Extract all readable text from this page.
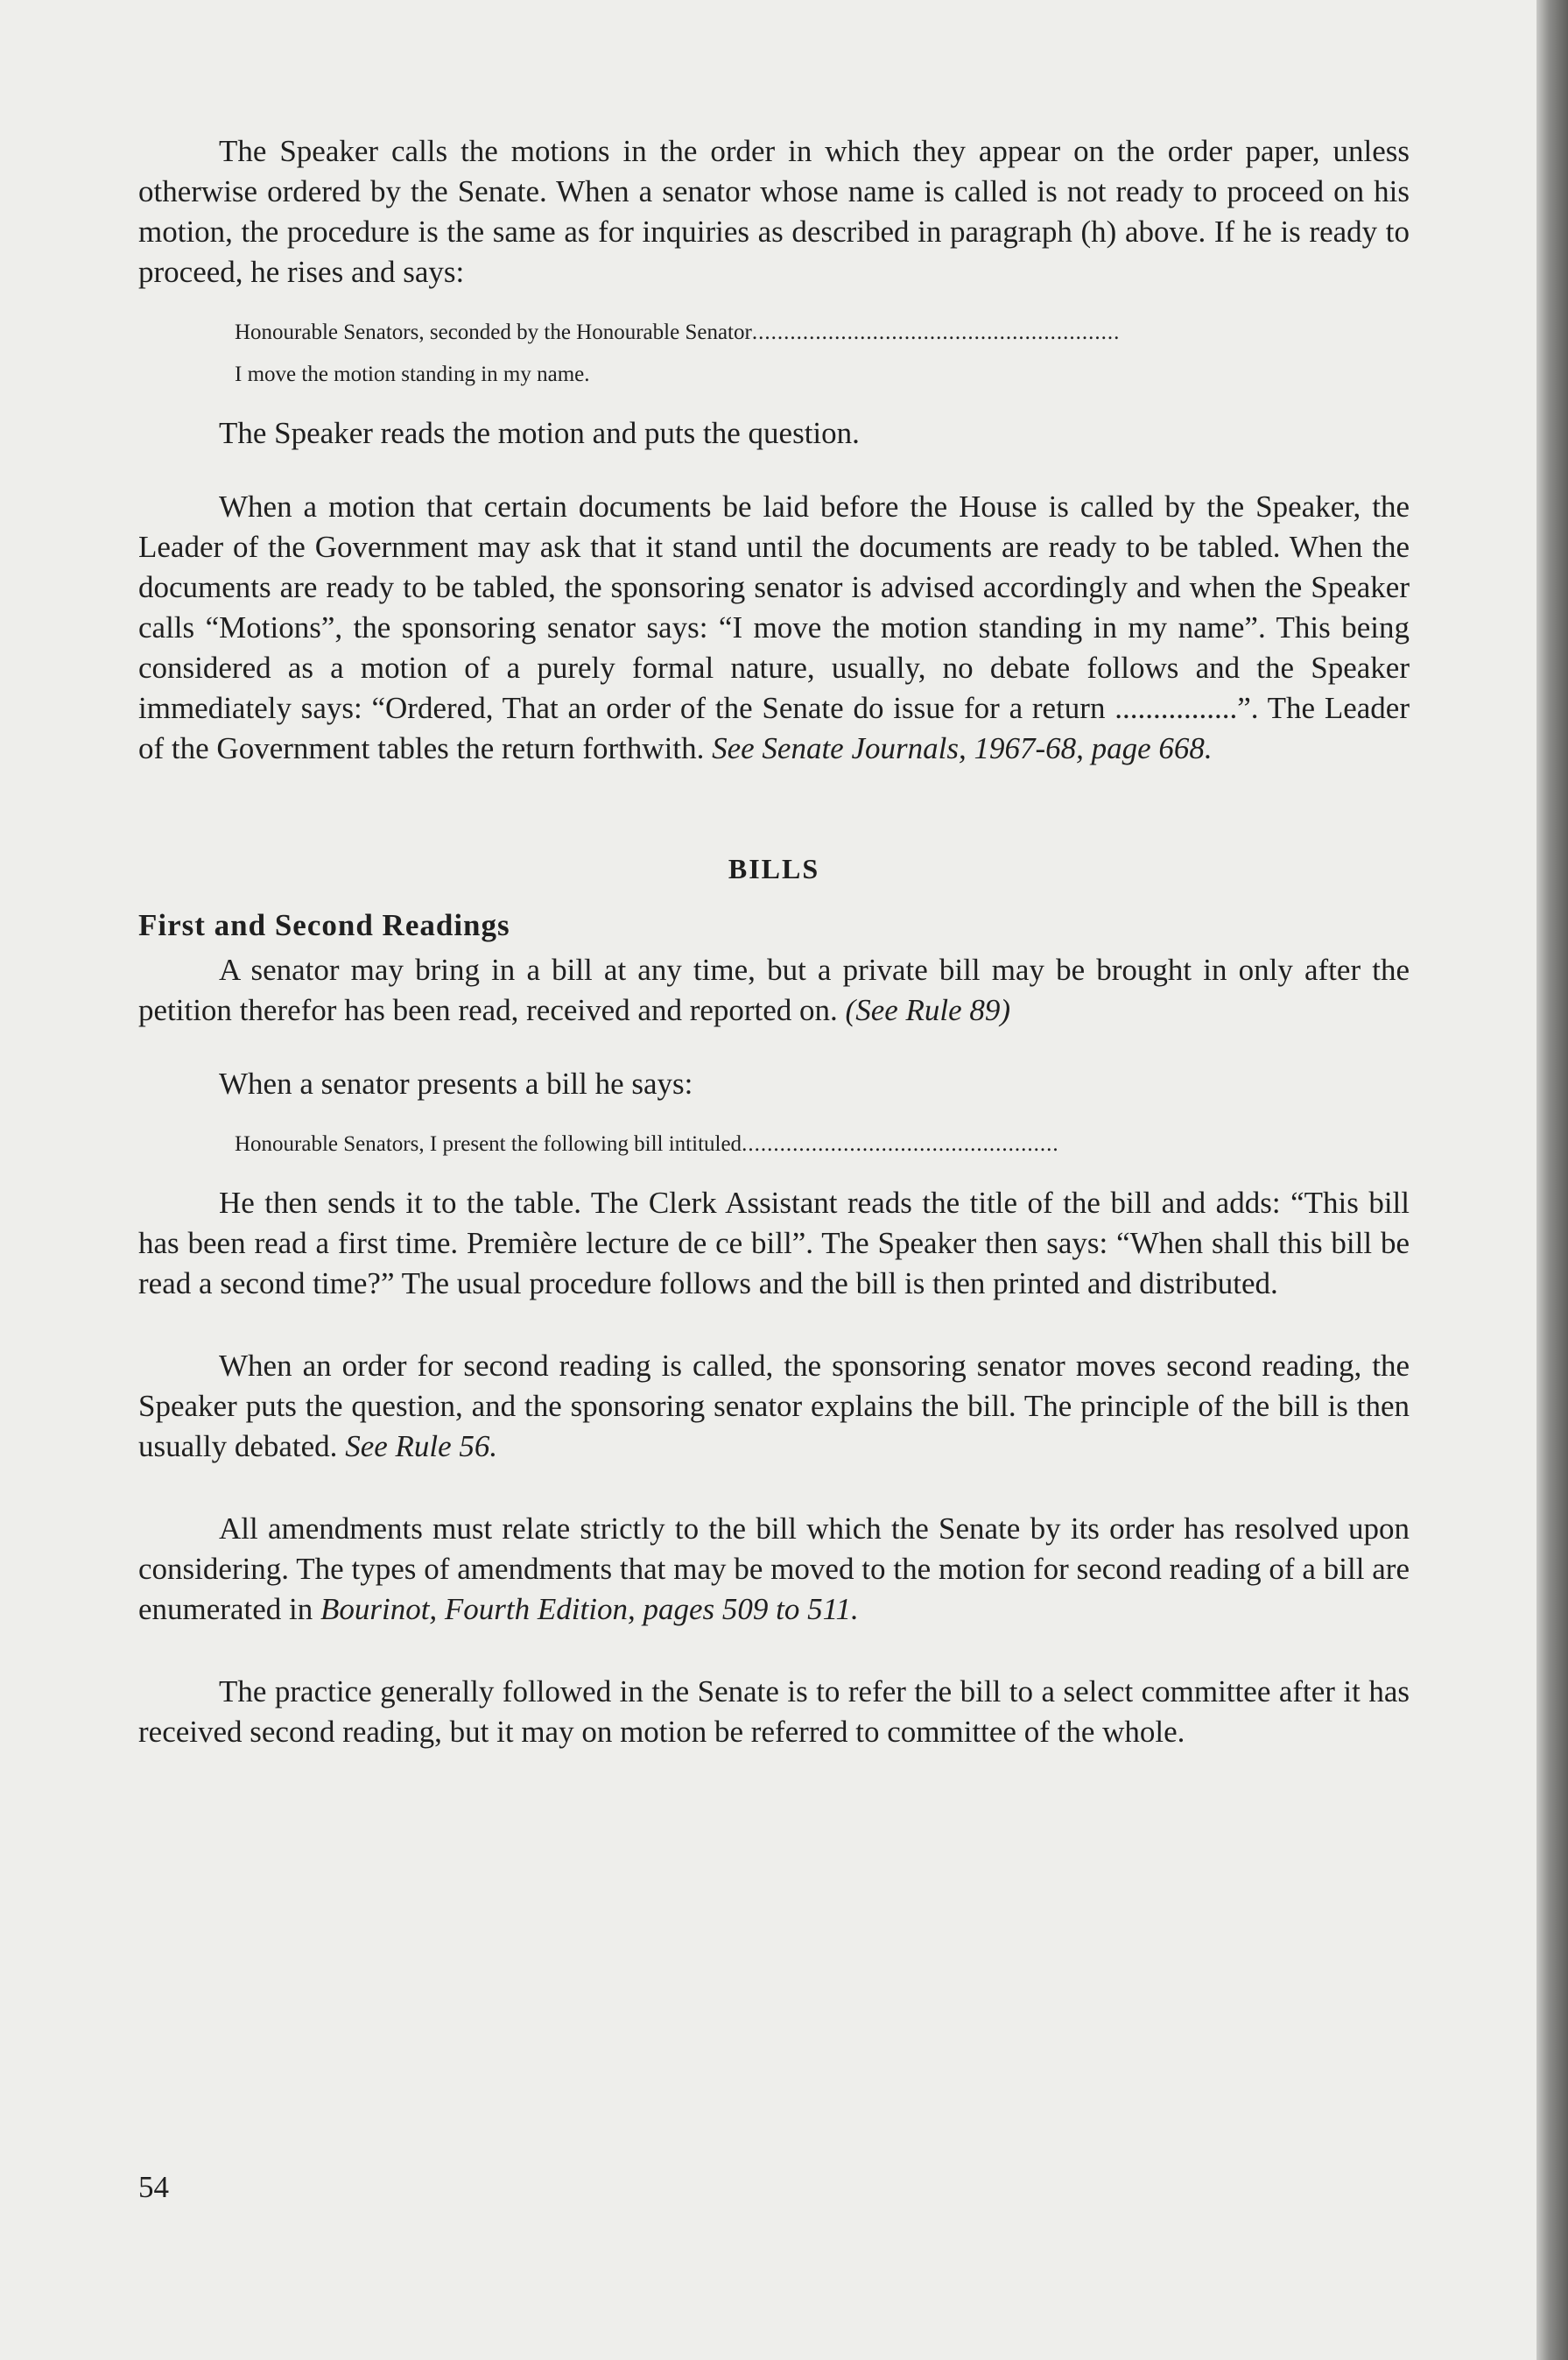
The Speaker calls the motions in the order in which they appear on the order paper, unless otherwise ordered by the Senate. When a senator whose name is called is not ready to proceed on his motion, the procedure is the same as for inquiries as described in paragraph (h) above. If he is ready to proceed, he rises and says:

Honourable Senators, seconded by the Honourable Senator..........................................................
I move the motion standing in my name.

The Speaker reads the motion and puts the question.

When a motion that certain documents be laid before the House is called by the Speaker, the Leader of the Government may ask that it stand until the documents are ready to be tabled. When the documents are ready to be tabled, the sponsoring senator is advised accordingly and when the Speaker calls “Motions”, the sponsoring senator says: “I move the motion standing in my name”. This being considered as a motion of a purely formal nature, usually, no debate follows and the Speaker immediately says: “Ordered, That an order of the Senate do issue for a return ................”. The Leader of the Government tables the return forthwith. See Senate Journals, 1967-68, page 668.

BILLS
First and Second Readings

A senator may bring in a bill at any time, but a private bill may be brought in only after the petition therefor has been read, received and reported on. (See Rule 89)

When a senator presents a bill he says:

Honourable Senators, I present the following bill intituled..................................................

He then sends it to the table. The Clerk Assistant reads the title of the bill and adds: “This bill has been read a first time. Première lecture de ce bill”. The Speaker then says: “When shall this bill be read a second time?” The usual procedure follows and the bill is then printed and distributed.

When an order for second reading is called, the sponsoring senator moves second reading, the Speaker puts the question, and the sponsoring senator explains the bill. The principle of the bill is then usually debated. See Rule 56.

All amendments must relate strictly to the bill which the Senate by its order has resolved upon considering. The types of amendments that may be moved to the motion for second reading of a bill are enumerated in Bourinot, Fourth Edition, pages 509 to 511.

The practice generally followed in the Senate is to refer the bill to a select committee after it has received second reading, but it may on motion be referred to committee of the whole.

54
